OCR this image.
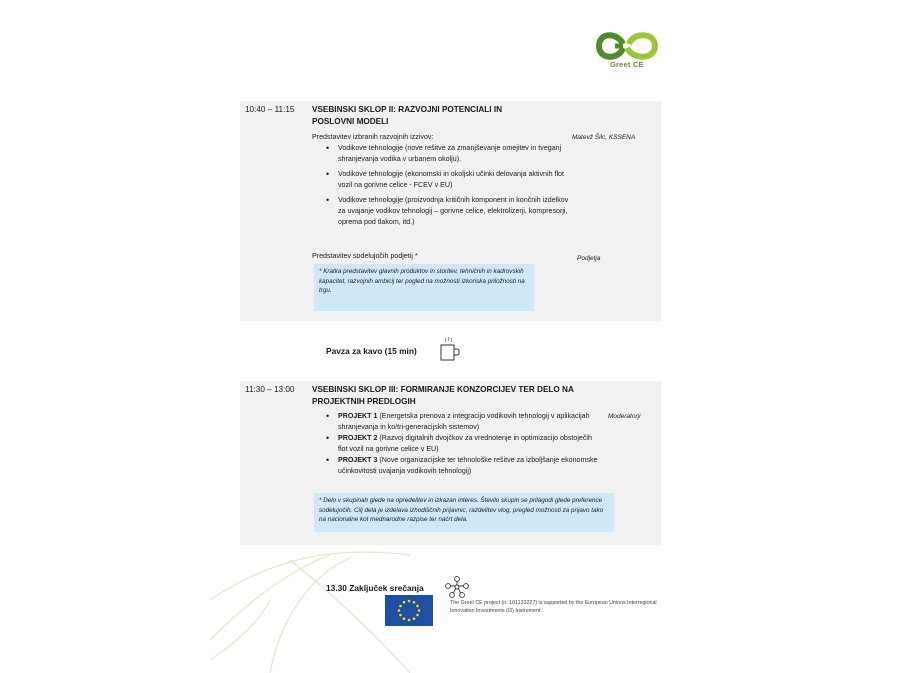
Greet CE
10:40 – 11:15 VSEBINSKI SKLOP II: RAZVOJNI POTENCIALI IN POSLOVNI MODELI
Predstavitev izbranih razvojnih izzivov:	Matevž Šilc, KSSENA
• Vodikove tehnologije (nove rešitve za zmanjševanje omejitev in tveganj shranjevanja vodika v urbanem okolju).
• Vodikove tehnologije (ekonomski in okoljski učinki delovanja aktivnih flot vozil na gorivne celice - FCEV v EU)
• Vodikove tehnologije (proizvodnja kritičnih komponent in končnih izdelkov za uvajanje vodikov tehnologij – gorivne celice, elektrolizerji, kompresorji, oprema pod tlakom, itd.)
Predstavitev sodelujočih podjetij *	Podjetja
* Kratka predstavitev glavnih produktov in storitev, tehničnih in kadrovskih kapacitet, razvojnih ambicij ter pogled na možnosti izkoriska priložnosti na trgu.
Pavza za kavo (15 min)
11:30 – 13:00 VSEBINSKI SKLOP III: FORMIRANJE KONZORCIJEV TER DELO NA PROJEKTNIH PREDLOGIH
Moderatorji
• PROJEKT 1 (Energetska prenova z integracijo vodikovih tehnologij v aplikacijah shranjevanja in ko/tri-generacijskih sistemov)
• PROJEKT 2 (Razvoj digitalnih dvojčkov za vrednotenje in optimizacijo obstoječih flot vozil na gorivne celice v EU)
• PROJEKT 3 (Nove organizacijske ter tehnološke rešitve za izboljšanje ekonomske učinkovitosti uvajanja vodikovih tehnologij)
* Delo v skupinah glede na opredelitev in izkazan interes. Število skupin se prilagodi glede preference sodelujočih. Cilj dela je izdelava izhodiščnih prijavnic, razdelitev vlog, pregled možnosti za prijavo tako na nacionalne kot mednarodne razpise ter načrt dela.
13.30 Zaključek srečanja
The Greet CE project (n. 101133227) is supported by the European Unions Interregional Innovation Investments (I3) Instrument.
